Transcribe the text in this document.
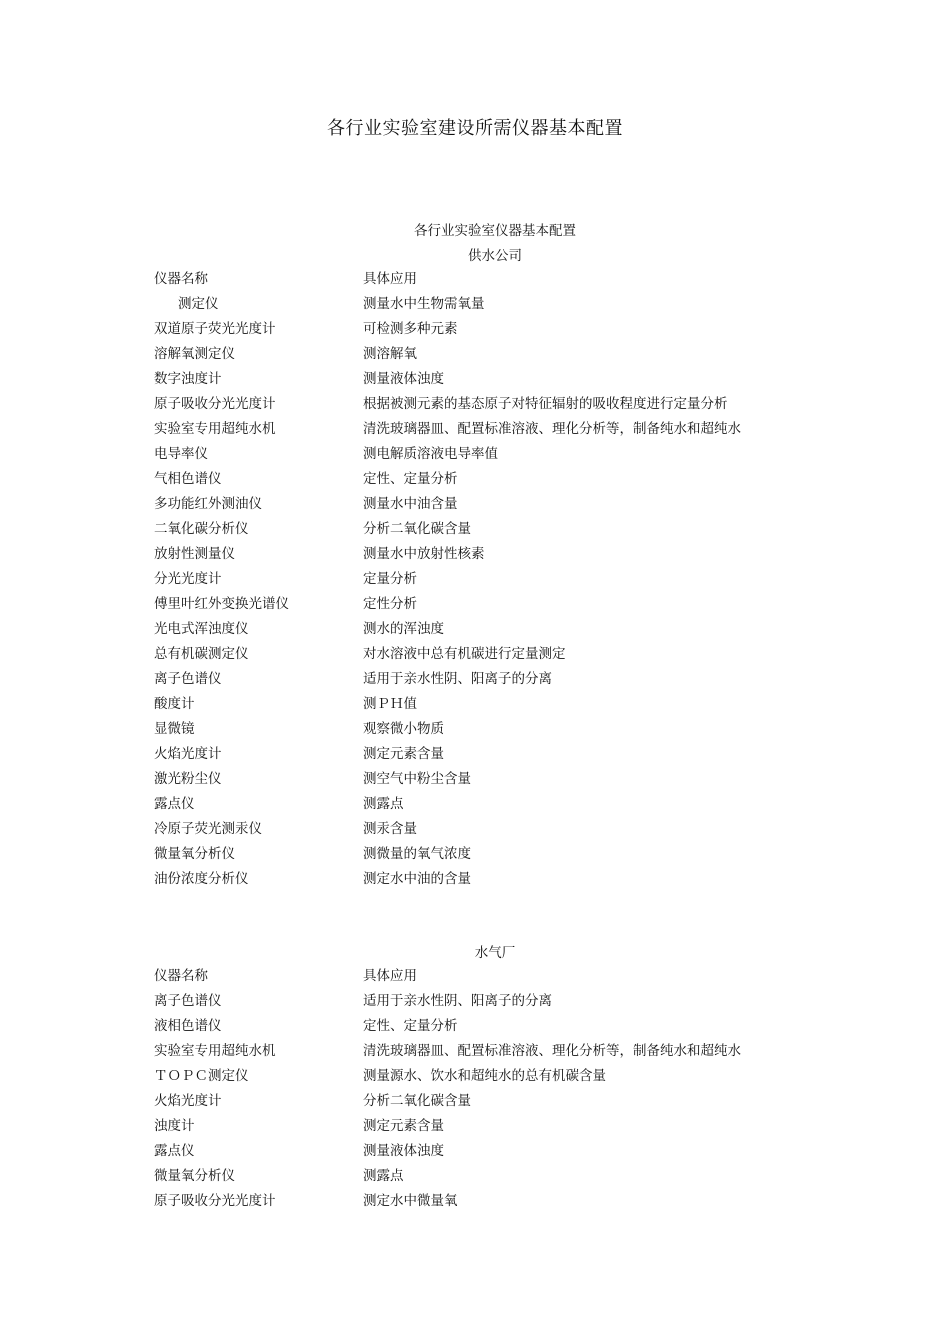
各行业实验室建设所需仪器基本配置
各行业实验室仪器基本配置
供水公司
仪器名称	具体应用
测定仪	测量水中生物需氧量
双道原子荧光光度计	可检测多种元素
溶解氧测定仪	测溶解氧
数字浊度计	测量液体浊度
原子吸收分光光度计	根据被测元素的基态原子对特征辐射的吸收程度进行定量分析
实验室专用超纯水机	清洗玻璃器皿、配置标准溶液、理化分析等，制备纯水和超纯水
电导率仪	测电解质溶液电导率值
气相色谱仪	定性、定量分析
多功能红外测油仪	测量水中油含量
二氧化碳分析仪	分析二氧化碳含量
放射性测量仪	测量水中放射性核素
分光光度计	定量分析
傅里叶红外变换光谱仪	定性分析
光电式浑浊度仪	测水的浑浊度
总有机碳测定仪	对水溶液中总有机碳进行定量测定
离子色谱仪	适用于亲水性阴、阳离子的分离
酸度计	测ＰＨ值
显微镜	观察微小物质
火焰光度计	测定元素含量
激光粉尘仪	测空气中粉尘含量
露点仪	测露点
冷原子荧光测汞仪	测汞含量
微量氧分析仪	测微量的氧气浓度
油份浓度分析仪	测定水中油的含量
水气厂
仪器名称	具体应用
离子色谱仪	适用于亲水性阴、阳离子的分离
液相色谱仪	定性、定量分析
实验室专用超纯水机	清洗玻璃器皿、配置标准溶液、理化分析等，制备纯水和超纯水
ＴＯＰＣ测定仪	测量源水、饮水和超纯水的总有机碳含量
火焰光度计	分析二氧化碳含量
浊度计	测定元素含量
露点仪	测量液体浊度
微量氧分析仪	测露点
原子吸收分光光度计	测定水中微量氧
